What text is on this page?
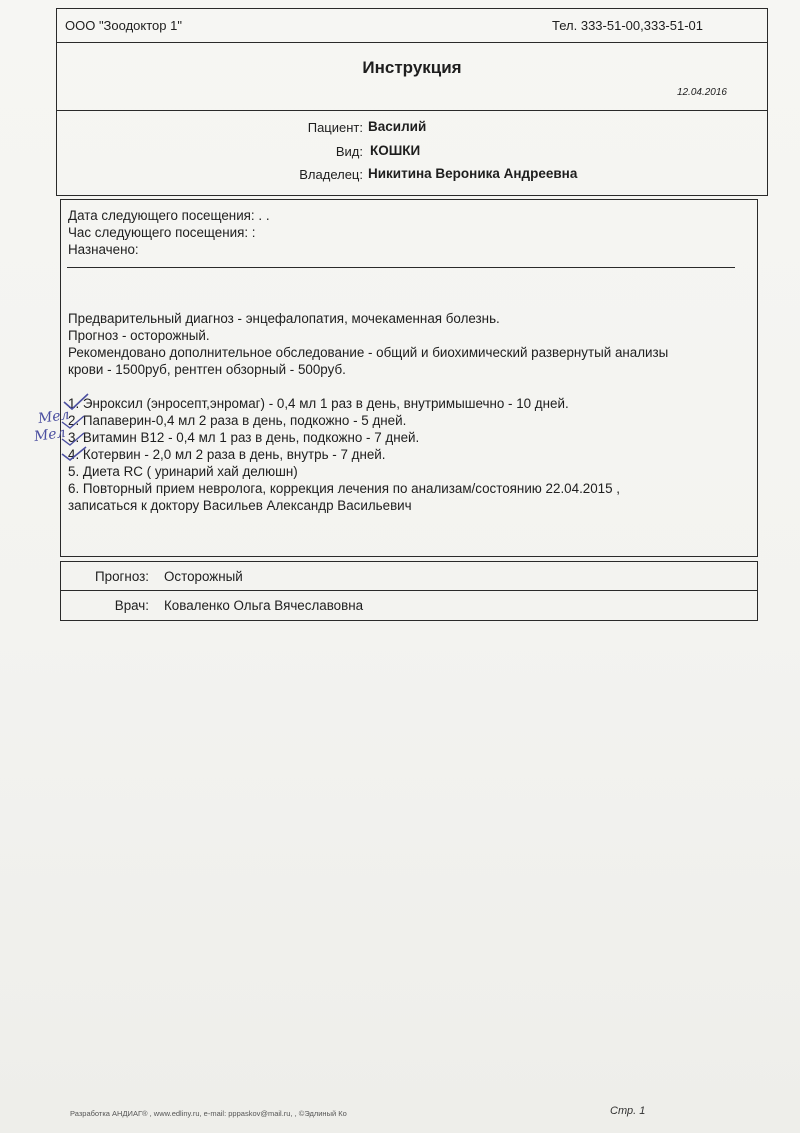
ООО "Зоодоктор 1"	Тел. 333-51-00,333-51-01
Инструкция
12.04.2016
Пациент: Василий
Вид: КОШКИ
Владелец: Никитина Вероника Андреевна
Дата следующего посещения: . .
Час следующего посещения: :
Назначено:
Предварительный диагноз - энцефалопатия, мочекаменная болезнь.
Прогноз - осторожный.
Рекомендовано дополнительное обследование - общий и биохимический развернутый анализы
крови - 1500руб, рентген обзорный - 500руб.
1. Энроксил (энросепт,энромаг) - 0,4 мл 1 раз в день, внутримышечно - 10 дней.
2. Папаверин-0,4 мл 2 раза в день, подкожно - 5 дней.
3. Витамин В12 - 0,4 мл 1 раз в день, подкожно - 7 дней.
4. Котервин - 2,0 мл 2 раза в день, внутрь - 7 дней.
5. Диета RC ( уринарий хай делюшн)
6. Повторный прием невролога, коррекция лечения по анализам/состоянию 22.04.2015 ,
записаться к доктору Васильев Александр Васильевич
Мел
Мел
Прогноз: Осторожный
Врач: Коваленко Ольга Вячеславовна
Разработка АНДИАГ® , www.edliny.ru, e-mail: pppaskov@mail.ru, , ©Эдлиный Ко	Стр. 1
